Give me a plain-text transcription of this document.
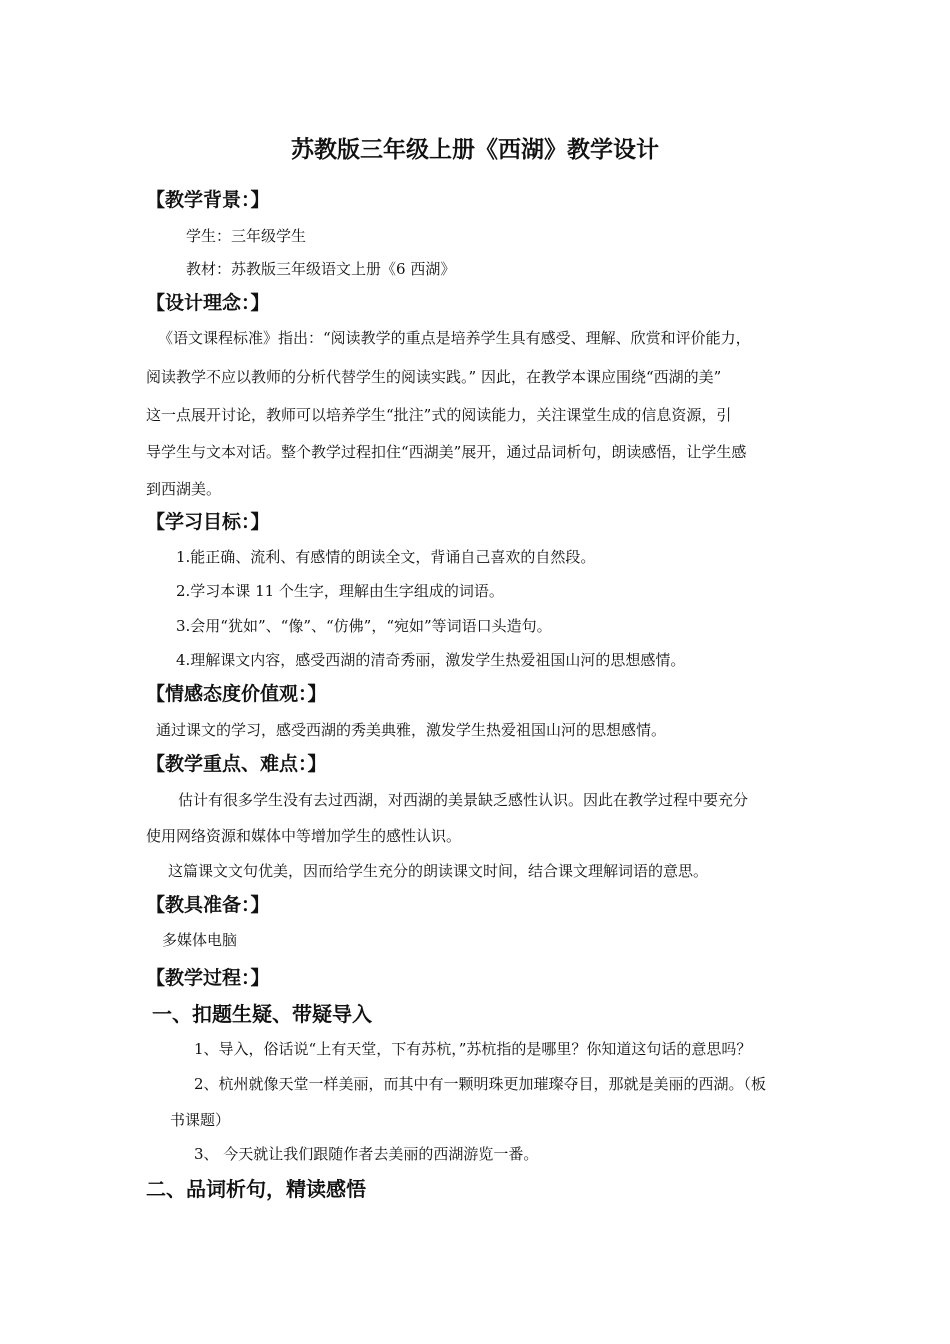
苏教版三年级上册《西湖》教学设计
【教学背景：】
学生：三年级学生
教材：苏教版三年级语文上册《6 西湖》
【设计理念：】
《语文课程标准》指出：“阅读教学的重点是培养学生具有感受、理解、欣赏和评价能力，
阅读教学不应以教师的分析代替学生的阅读实践。” 因此，在教学本课应围绕“西湖的美”
这一点展开讨论，教师可以培养学生“批注”式的阅读能力，关注课堂生成的信息资源，引
导学生与文本对话。整个教学过程扣住“西湖美”展开，通过品词析句，朗读感悟，让学生感
到西湖美。
【学习目标：】
1.能正确、流利、有感情的朗读全文，背诵自己喜欢的自然段。
2.学习本课 11 个生字，理解由生字组成的词语。
3.会用“犹如”、“像”、“仿佛”，“宛如”等词语口头造句。
4.理解课文内容，感受西湖的清奇秀丽，激发学生热爱祖国山河的思想感情。
【情感态度价值观：】
通过课文的学习，感受西湖的秀美典雅，激发学生热爱祖国山河的思想感情。
【教学重点、难点：】
估计有很多学生没有去过西湖，对西湖的美景缺乏感性认识。因此在教学过程中要充分
使用网络资源和媒体中等增加学生的感性认识。
这篇课文文句优美，因而给学生充分的朗读课文时间，结合课文理解词语的意思。
【教具准备：】
多媒体电脑
【教学过程：】
一、扣题生疑、带疑导入
1、导入，俗话说“上有天堂，下有苏杭，”苏杭指的是哪里？你知道这句话的意思吗？
2、杭州就像天堂一样美丽，而其中有一颗明珠更加璀璨夺目，那就是美丽的西湖。（板
书课题）
3、 今天就让我们跟随作者去美丽的西湖游览一番。
二、品词析句，精读感悟
